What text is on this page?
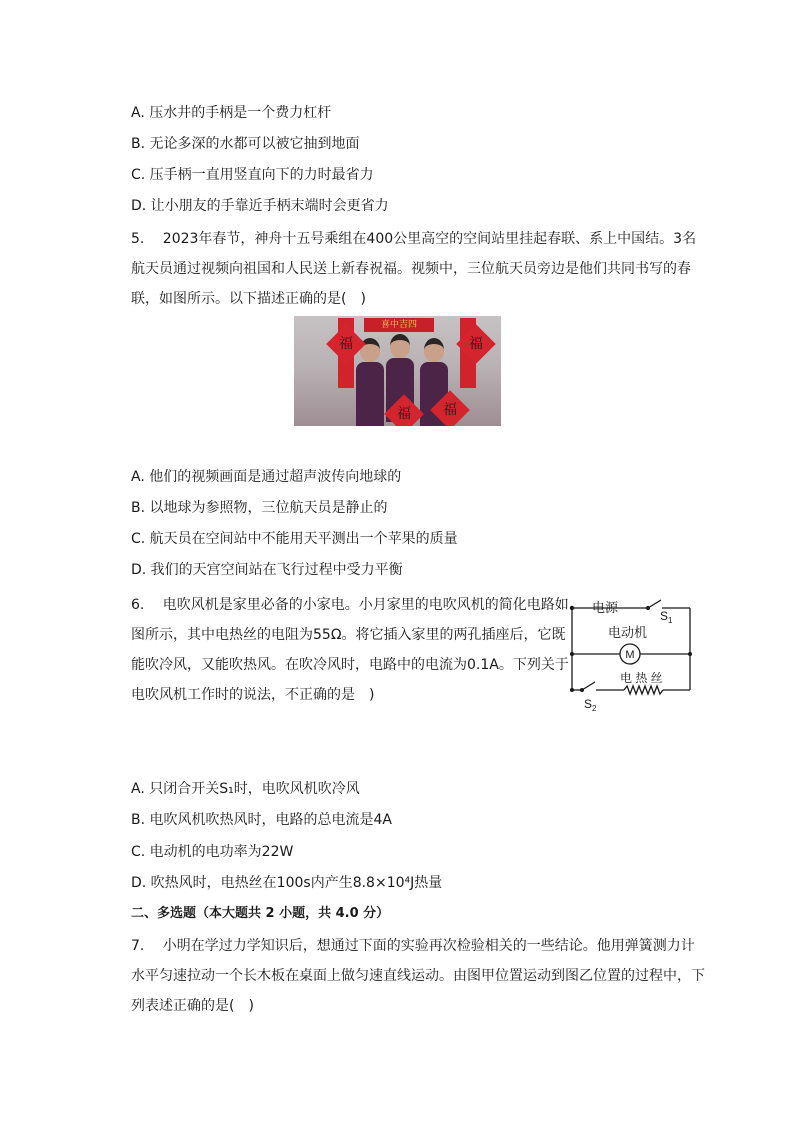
A. 压水井的手柄是一个费力杠杆
B. 无论多深的水都可以被它抽到地面
C. 压手柄一直用竖直向下的力时最省力
D. 让小朋友的手靠近手柄末端时会更省力
5.  2023年春节，神舟十五号乘组在400公里高空的空间站里挂起春联、系上中国结。3名航天员通过视频向祖国和人民送上新春祝福。视频中，三位航天员旁边是他们共同书写的春联，如图所示。以下描述正确的是( )
喜中吉四
福
福	福
福
A. 他们的视频画面是通过超声波传向地球的
B. 以地球为参照物，三位航天员是静止的
C. 航天员在空间站中不能用天平测出一个苹果的质量
D. 我们的天宫空间站在飞行过程中受力平衡
6.  电吹风机是家里必备的小家电。小月家里的电吹风机的简化电路如图所示，其中电热丝的电阻为55Ω。将它插入家里的两孔插座后，它既能吹冷风，又能吹热风。在吹冷风时，电路中的电流为0.1A。下列关于电吹风机工作时的说法，不正确的是 )
电源
$S_1$
电动机
M
电 热 丝
$S_2$
A. 只闭合开关S₁时，电吹风机吹冷风
B. 电吹风机吹热风时，电路的总电流是4A
C. 电动机的电功率为22W
D. 吹热风时，电热丝在100s内产生8.8×10⁴J热量
二、多选题（本大题共 2 小题，共 4.0 分）
7.  小明在学过力学知识后，想通过下面的实验再次检验相关的一些结论。他用弹簧测力计水平匀速拉动一个长木板在桌面上做匀速直线运动。由图甲位置运动到图乙位置的过程中，下列表述正确的是( )
